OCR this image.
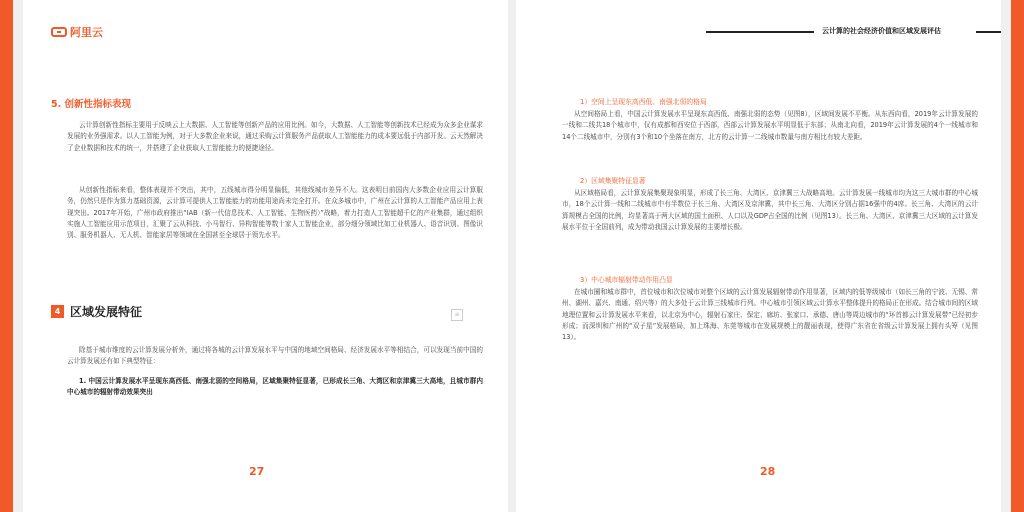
阿里云
5. 创新性指标表现
云计算创新性指标主要用于反映云上大数据、人工智能等创新产品的应用比例。如今，大数据、人工智能等创新技术已经成为众多企业谋求发展的业务强需求。以人工智能为例，对于大多数企业来说，通过采购云计算服务产品获取人工智能能力的成本要远低于内部开发。云天然解决了企业数据和技术的统一，并搭建了企业获取人工智能能力的便捷途径。
从创新性指标来看，整体表现并不突出，其中，五线城市得分明显偏低，其他线城市差异不大。这表明目前国内大多数企业应用云计算服务，仍然只是作为算力基础资源，云计算可提供人工智能能力的功能用途尚未完全打开。在众多城市中，广州在云计算的人工智能产品应用上表现突出。2017年开始，广州市政府推出“IAB（新一代信息技术、人工智能、生物医药）”战略，着力打造人工智能超千亿的产业集群，通过组织实施人工智能应用示范项目，汇聚了云从科技、小马智行、异构智能等数十家人工智能企业，部分细分领域比如工业机器人、语音识别、图像识别、服务机器人、无人机、智能家居等领域在全国甚至全球居于领先水平。
4 区域发展特征	≡
除基于城市维度的云计算发展分析外，通过将各城的云计算发展水平与中国的地域空间格局、经济发展水平等相结合，可以发现当前中国的云计算发展还有如下典型特征：
1. 中国云计算发展水平呈现东高西低、南强北弱的空间格局，区域集聚特征显著，已形成长三角、大湾区和京津冀三大高地，且城市群内中心城市的辐射带动效果突出
27
云计算的社会经济价值和区域发展评估
1）空间上呈现东高西低、南强北弱的格局
从空间格局上看，中国云计算发展水平呈现东高西低、南强北弱的态势（见图8），区域间发展不平衡。从东西向看，2019年云计算发展的一线和二线共18个城市中，仅有成都和西安位于西部，西部云计算发展水平明显低于东部；从南北向看，2019年云计算发展的4个一线城市和14个二线城市中，分别有3个和10个坐落在南方，北方的云计算一二线城市数量与南方相比有较大差距。
2）区域集聚特征显著
从区域格局看，云计算发展集聚现象明显，形成了长三角、大湾区、京津冀三大战略高地。云计算发展一线城市均为这三大城市群的中心城市，18个云计算一线和二线城市中有半数位于长三角、大湾区及京津冀，其中长三角、大湾区分别占据16强中的4席。长三角、大湾区的云计算规模占全国的比例，均显著高于两大区域的国土面积、人口以及GDP占全国的比例（见图13）。长三角、大湾区、京津冀三大区域的云计算发展水平位于全国前列，成为带动我国云计算发展的主要增长极。
3）中心城市辐射带动作用凸显
在城市圈和城市群中，首位城市和次位城市对整个区域的云计算发展辐射带动作用显著，区域内的低等级城市（如长三角的宁波、无锡、常州、湖州、嘉兴、南通、绍兴等）的大多处于云计算三线城市行列。中心城市引领区域云计算水平整体提升的格局正在形成。结合城市间的区域地理位置和云计算发展水平来看，以北京为中心，辐射石家庄、保定、廊坊、张家口、承德、唐山等周边城市的“环首都云计算发展带”已经初步形成；而深圳和广州的“双子星”发展格局，加上珠海、东莞等城市在发展规模上的靓丽表现，使得广东省在省级云计算发展上拥有头筹（见图13）。
28
